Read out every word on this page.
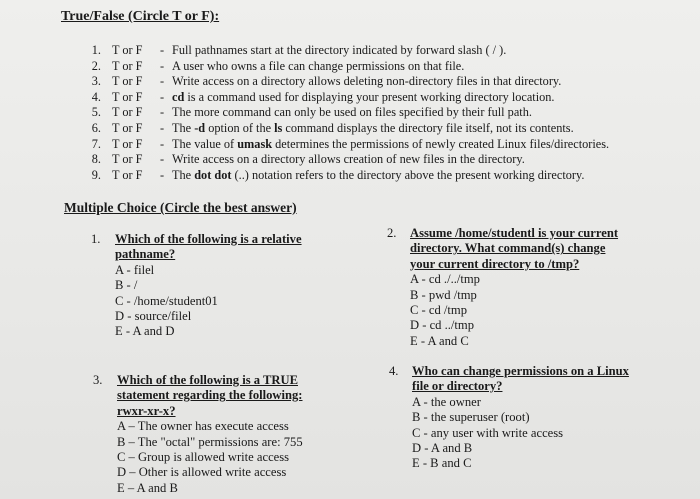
True/False (Circle T or F):
1. T or F - Full pathnames start at the directory indicated by forward slash ( / ).
2. T or F - A user who owns a file can change permissions on that file.
3. T or F - Write access on a directory allows deleting non-directory files in that directory.
4. T or F - cd is a command used for displaying your present working directory location.
5. T or F - The more command can only be used on files specified by their full path.
6. T or F - The -d option of the ls command displays the directory file itself, not its contents.
7. T or F - The value of umask determines the permissions of newly created Linux files/directories.
8. T or F - Write access on a directory allows creation of new files in the directory.
9. T or F - The dot dot (..) notation refers to the directory above the present working directory.
Multiple Choice (Circle the best answer)
1. Which of the following is a relative
pathname?
A - filel
B - /
C - /home/student01
D - source/filel
E - A and D
2. Assume /home/studentl is your current
directory. What command(s) change
your current directory to /tmp?
A - cd ./../tmp
B - pwd /tmp
C - cd /tmp
D - cd ../tmp
E - A and C
3. Which of the following is a TRUE
statement regarding the following:
rwxr-xr-x?
A – The owner has execute access
B – The "octal" permissions are: 755
C – Group is allowed write access
D – Other is allowed write access
E – A and B
4. Who can change permissions on a Linux
file or directory?
A - the owner
B - the superuser (root)
C - any user with write access
D - A and B
E - B and C
